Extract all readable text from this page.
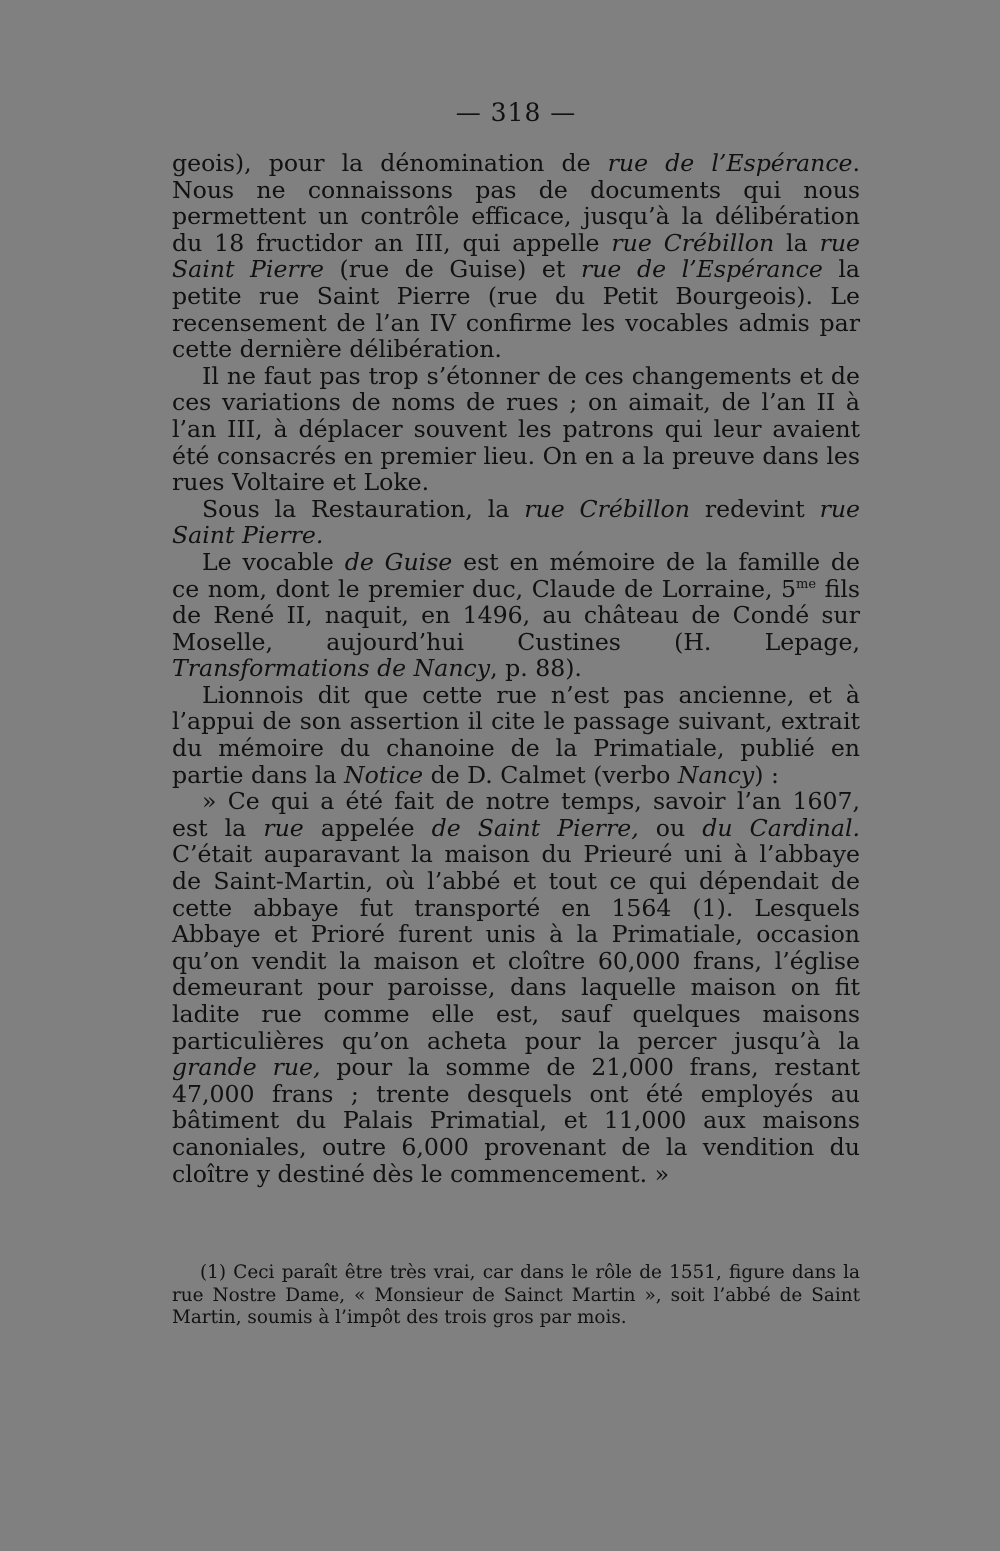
— 318 —

geois), pour la dénomination de rue de l’Espérance. Nous ne connaissons pas de documents qui nous permettent un contrôle efficace, jusqu’à la délibération du 18 fructidor an III, qui appelle rue Crébillon la rue Saint Pierre (rue de Guise) et rue de l’Espérance la petite rue Saint Pierre (rue du Petit Bourgeois). Le recensement de l’an IV confirme les vocables admis par cette dernière délibération.

Il ne faut pas trop s’étonner de ces changements et de ces variations de noms de rues ; on aimait, de l’an II à l’an III, à déplacer souvent les patrons qui leur avaient été consacrés en premier lieu. On en a la preuve dans les rues Voltaire et Loke.

Sous la Restauration, la rue Crébillon redevint rue Saint Pierre.

Le vocable de Guise est en mémoire de la famille de ce nom, dont le premier duc, Claude de Lorraine, $5^{me}$ fils de René II, naquit, en 1496, au château de Condé sur Moselle, aujourd’hui Custines (H. Lepage, Transformations de Nancy, p. 88).

Lionnois dit que cette rue n’est pas ancienne, et à l’appui de son assertion il cite le passage suivant, extrait du mémoire du chanoine de la Primatiale, publié en partie dans la Notice de D. Calmet (verbo Nancy) :

» Ce qui a été fait de notre temps, savoir l’an 1607, est la rue appelée de Saint Pierre, ou du Cardinal. C’était auparavant la maison du Prieuré uni à l’abbaye de Saint-Martin, où l’abbé et tout ce qui dépendait de cette abbaye fut transporté en 1564 (1). Lesquels Abbaye et Prioré furent unis à la Primatiale, occasion qu’on vendit la maison et cloître 60,000 frans, l’église demeurant pour paroisse, dans laquelle maison on fit ladite rue comme elle est, sauf quelques maisons particulières qu’on acheta pour la percer jusqu’à la grande rue, pour la somme de 21,000 frans, restant 47,000 frans ; trente desquels ont été employés au bâtiment du Palais Primatial, et 11,000 aux maisons canoniales, outre 6,000 provenant de la vendition du cloître y destiné dès le commencement. »

(1) Ceci paraît être très vrai, car dans le rôle de 1551, figure dans la rue Nostre Dame, « Monsieur de Sainct Martin », soit l’abbé de Saint Martin, soumis à l’impôt des trois gros par mois.
